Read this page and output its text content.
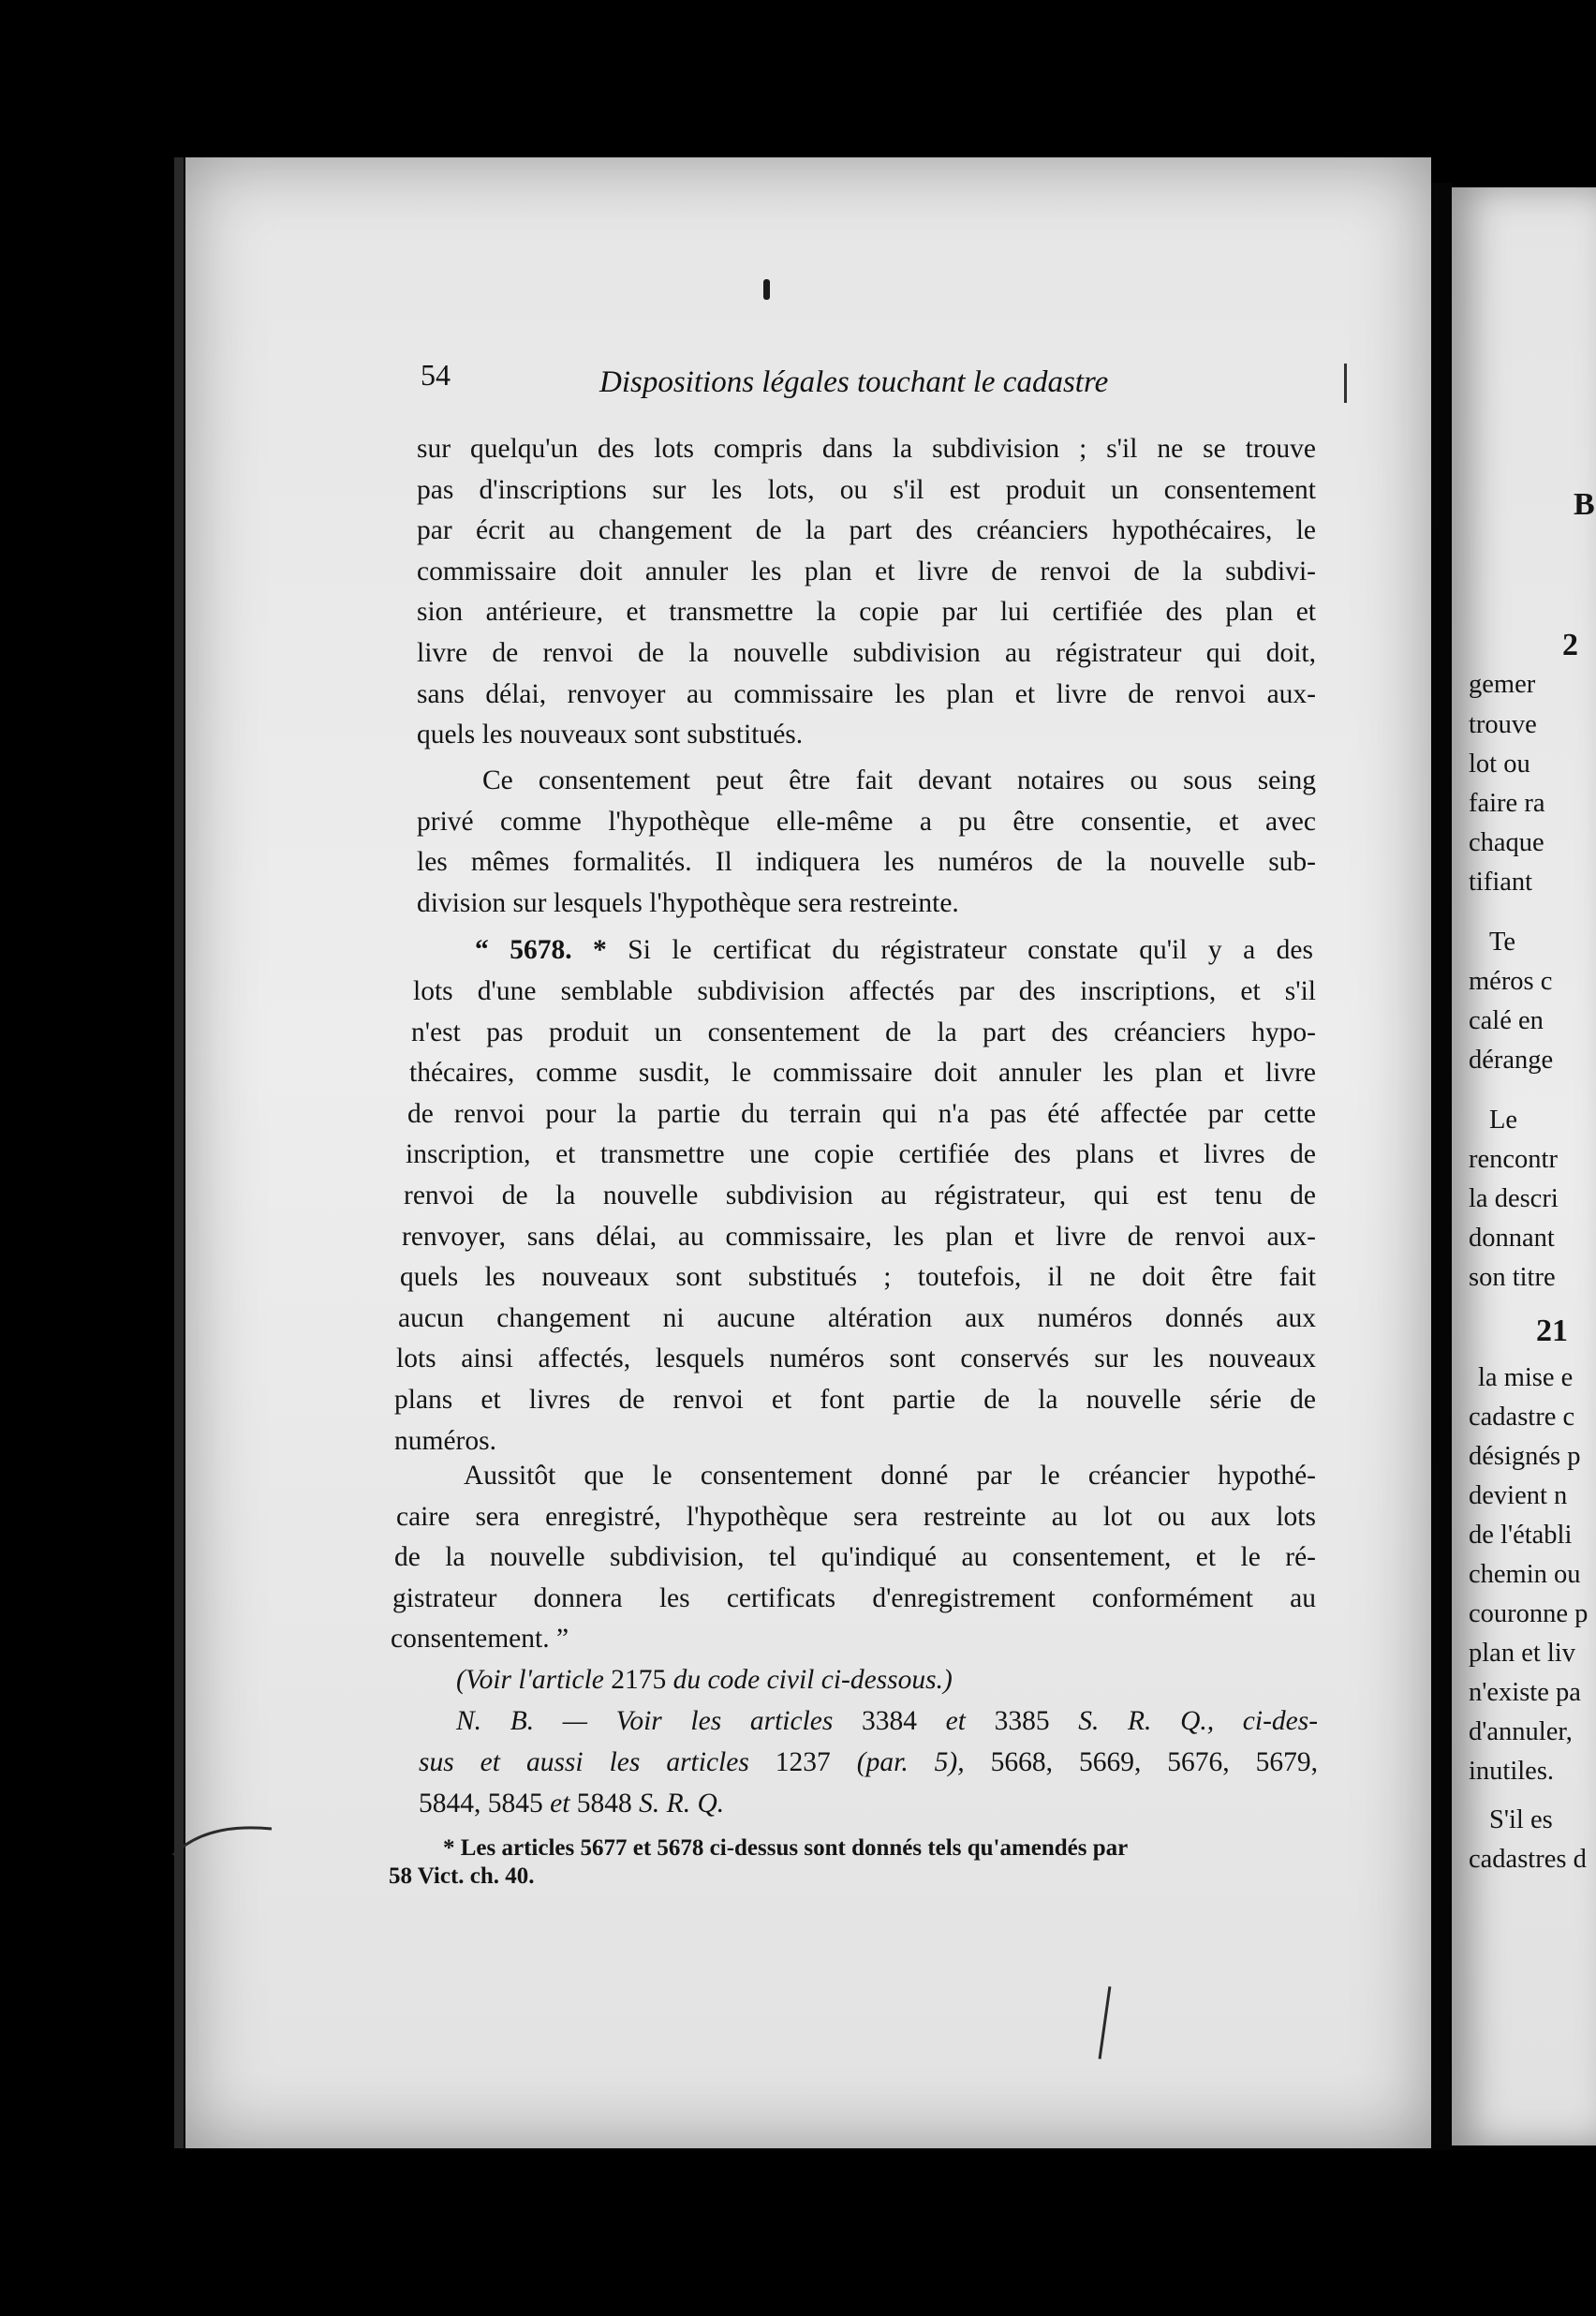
B
2
gemer
trouve
lot ou
faire ra
chaque
tifiant
Te
méros c
calé en
dérange
Le
rencontr
la descri
donnant
son titre
21
la mise e
cadastre c
désignés p
devient n
de l'établi
chemin ou
couronne p
plan et liv
n'existe pa
d'annuler,
inutiles.
S'il es
cadastres d
54	Dispositions légales touchant le cadastre
sur quelqu'un des lots compris dans la subdivision ; s'il ne se trouve
pas d'inscriptions sur les lots, ou s'il est produit un consentement
par écrit au changement de la part des créanciers hypothécaires, le
commissaire doit annuler les plan et livre de renvoi de la subdivi-
sion antérieure, et transmettre la copie par lui certifiée des plan et
livre de renvoi de la nouvelle subdivision au régistrateur qui doit,
sans délai, renvoyer au commissaire les plan et livre de renvoi aux-
quels les nouveaux sont substitués.
Ce consentement peut être fait devant notaires ou sous seing
privé comme l'hypothèque elle-même a pu être consentie, et avec
les mêmes formalités. Il indiquera les numéros de la nouvelle sub-
division sur lesquels l'hypothèque sera restreinte.
“ 5678. * Si le certificat du régistrateur constate qu'il y a des
lots d'une semblable subdivision affectés par des inscriptions, et s'il
n'est pas produit un consentement de la part des créanciers hypo-
thécaires, comme susdit, le commissaire doit annuler les plan et livre
de renvoi pour la partie du terrain qui n'a pas été affectée par cette
inscription, et transmettre une copie certifiée des plans et livres de
renvoi de la nouvelle subdivision au régistrateur, qui est tenu de
renvoyer, sans délai, au commissaire, les plan et livre de renvoi aux-
quels les nouveaux sont substitués ; toutefois, il ne doit être fait
aucun changement ni aucune altération aux numéros donnés aux
lots ainsi affectés, lesquels numéros sont conservés sur les nouveaux
plans et livres de renvoi et font partie de la nouvelle série de
numéros.
Aussitôt que le consentement donné par le créancier hypothé-
caire sera enregistré, l'hypothèque sera restreinte au lot ou aux lots
de la nouvelle subdivision, tel qu'indiqué au consentement, et le ré-
gistrateur donnera les certificats d'enregistrement conformément au
consentement. ”
(Voir l'article 2175 du code civil ci-dessous.)
N. B. — Voir les articles 3384 et 3385 S. R. Q., ci-des-
sus et aussi les articles 1237 (par. 5), 5668, 5669, 5676, 5679,
5844, 5845 et 5848 S. R. Q.
* Les articles 5677 et 5678 ci-dessus sont donnés tels qu'amendés par
58 Vict. ch. 40.
